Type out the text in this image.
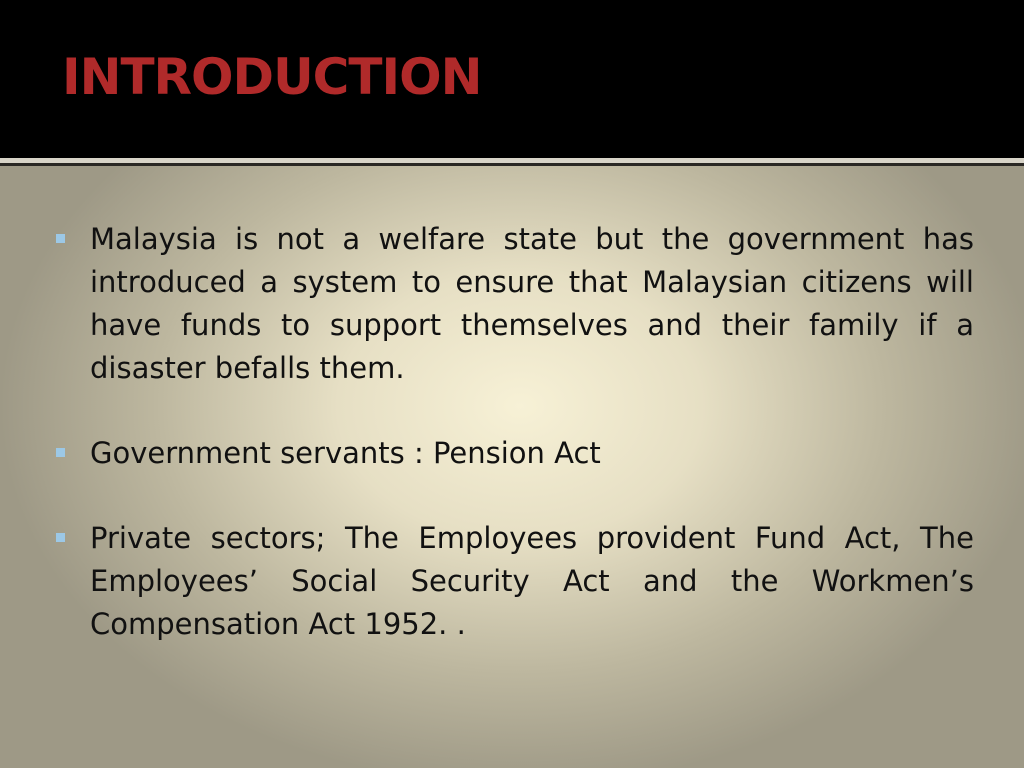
INTRODUCTION
Malaysia is not a welfare state but the government has introduced a system to ensure that Malaysian citizens will have funds to support themselves and their family if a disaster befalls them.
Government servants : Pension Act
Private sectors; The Employees provident Fund Act, The Employees’ Social Security Act and the Workmen’s Compensation Act 1952. .
